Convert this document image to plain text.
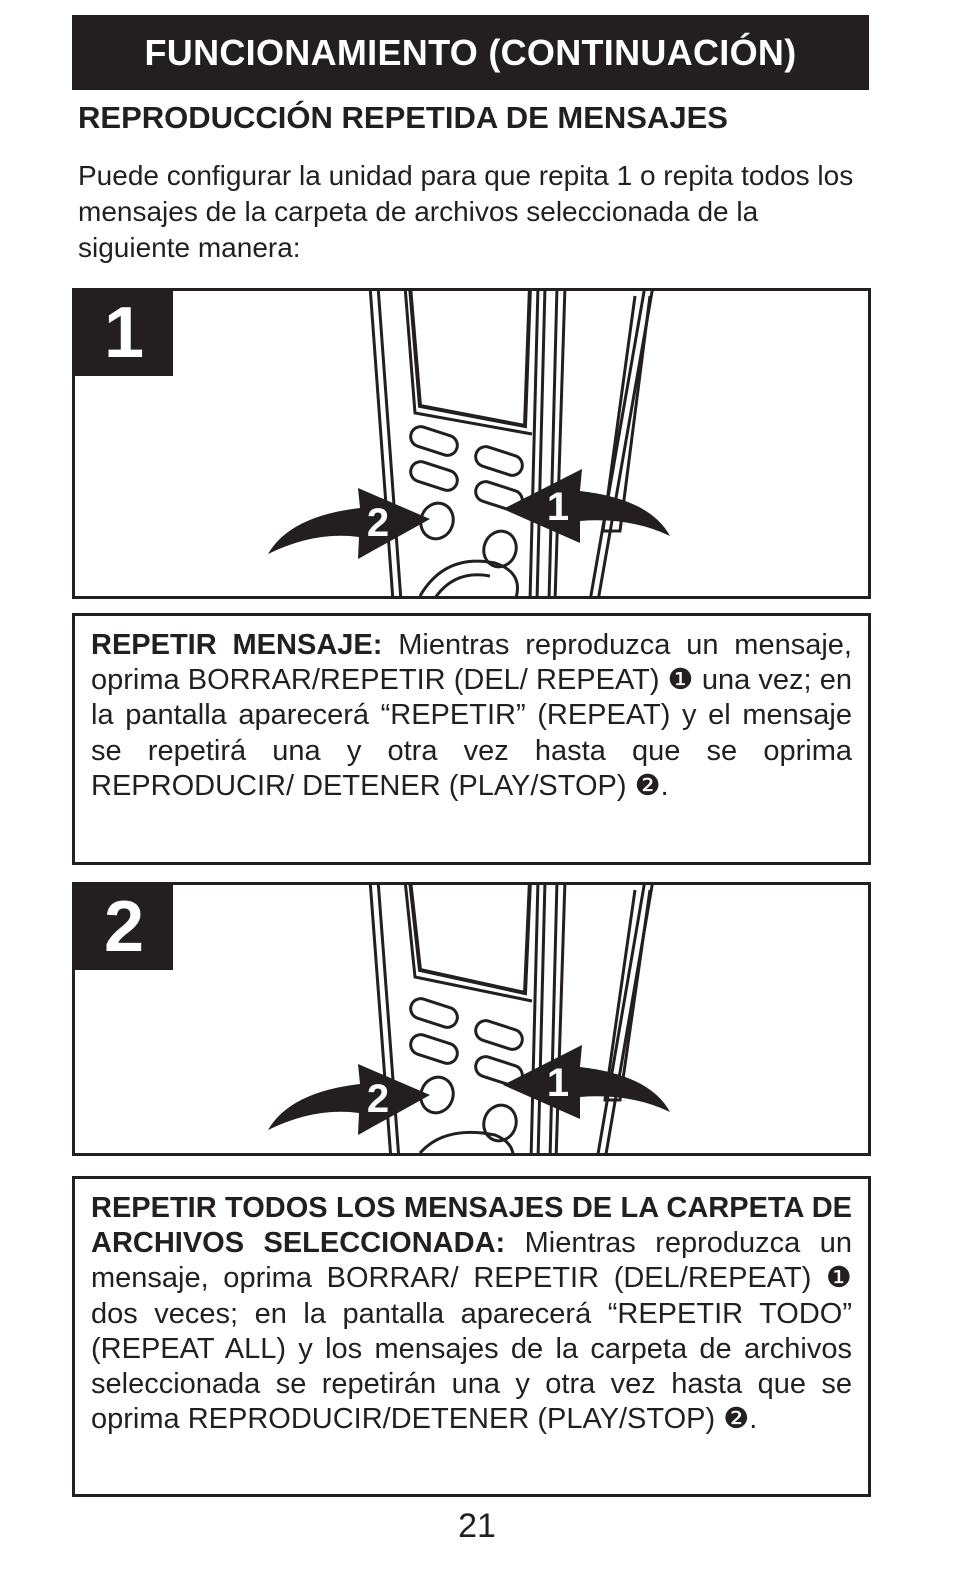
FUNCIONAMIENTO (CONTINUACIÓN)
REPRODUCCIÓN REPETIDA DE MENSAJES
Puede configurar la unidad para que repita 1 o repita todos los mensajes de la carpeta de archivos seleccionada de la siguiente manera:
1
2	1
REPETIR MENSAJE: Mientras reproduzca un mensaje, oprima BORRAR/REPETIR (DEL/ REPEAT) ❶ una vez; en la pantalla aparecerá “REPETIR” (REPEAT) y el mensaje se repetirá una y otra vez hasta que se oprima REPRODUCIR/ DETENER (PLAY/STOP) ❷.
2
2	1
REPETIR TODOS LOS MENSAJES DE LA CARPETA DE ARCHIVOS SELECCIONADA: Mientras reproduzca un mensaje, oprima BORRAR/ REPETIR (DEL/REPEAT) ❶ dos veces; en la pantalla aparecerá “REPETIR TODO” (REPEAT ALL) y los mensajes de la carpeta de archivos seleccionada se repetirán una y otra vez hasta que se oprima REPRODUCIR/DETENER (PLAY/STOP) ❷.
21
